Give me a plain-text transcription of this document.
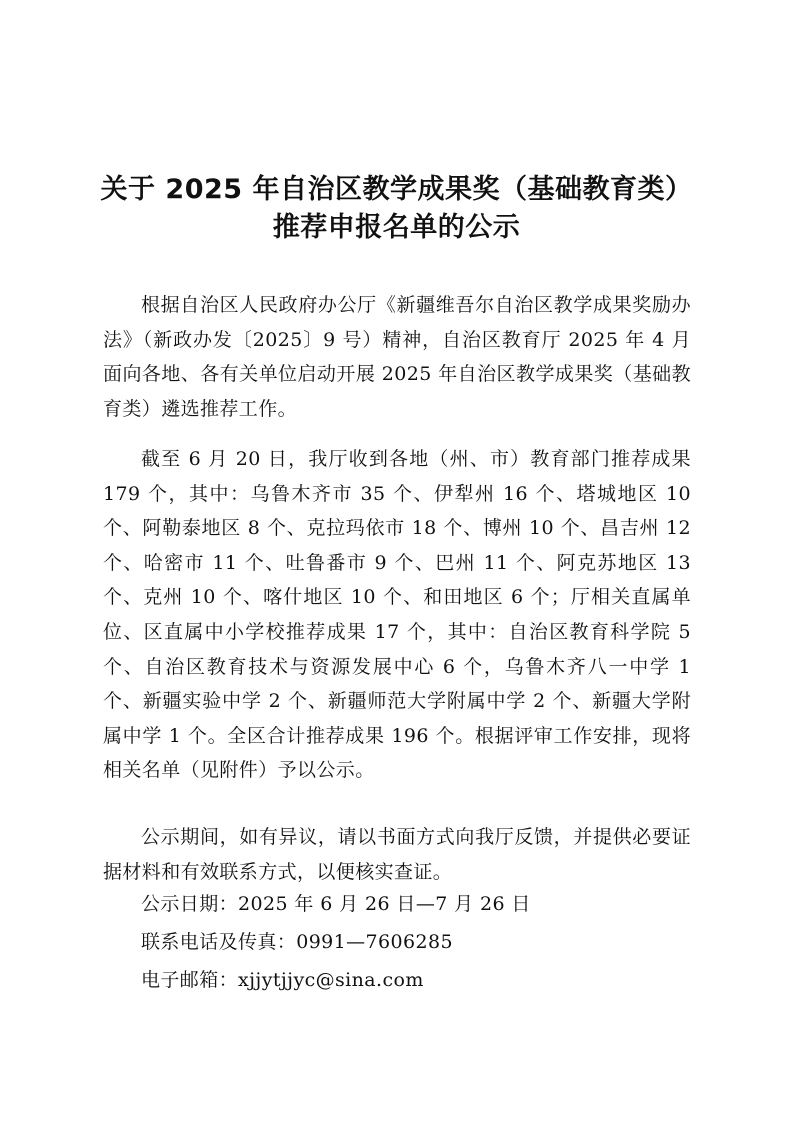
关于 2025 年自治区教学成果奖（基础教育类）
推荐申报名单的公示

根据自治区人民政府办公厅《新疆维吾尔自治区教学成果奖励办法》（新政办发〔2025〕9 号）精神，自治区教育厅 2025 年 4 月面向各地、各有关单位启动开展 2025 年自治区教学成果奖（基础教育类）遴选推荐工作。

截至 6 月 20 日，我厅收到各地（州、市）教育部门推荐成果 179 个，其中：乌鲁木齐市 35 个、伊犁州 16 个、塔城地区 10 个、阿勒泰地区 8 个、克拉玛依市 18 个、博州 10 个、昌吉州 12 个、哈密市 11 个、吐鲁番市 9 个、巴州 11 个、阿克苏地区 13 个、克州 10 个、喀什地区 10 个、和田地区 6 个；厅相关直属单位、区直属中小学校推荐成果 17 个，其中：自治区教育科学院 5 个、自治区教育技术与资源发展中心 6 个，乌鲁木齐八一中学 1 个、新疆实验中学 2 个、新疆师范大学附属中学 2 个、新疆大学附属中学 1 个。全区合计推荐成果 196 个。根据评审工作安排，现将相关名单（见附件）予以公示。

公示期间，如有异议，请以书面方式向我厅反馈，并提供必要证据材料和有效联系方式，以便核实查证。

公示日期：2025 年 6 月 26 日—7 月 26 日

联系电话及传真：0991—7606285

电子邮箱：xjjytjjyc@sina.com
